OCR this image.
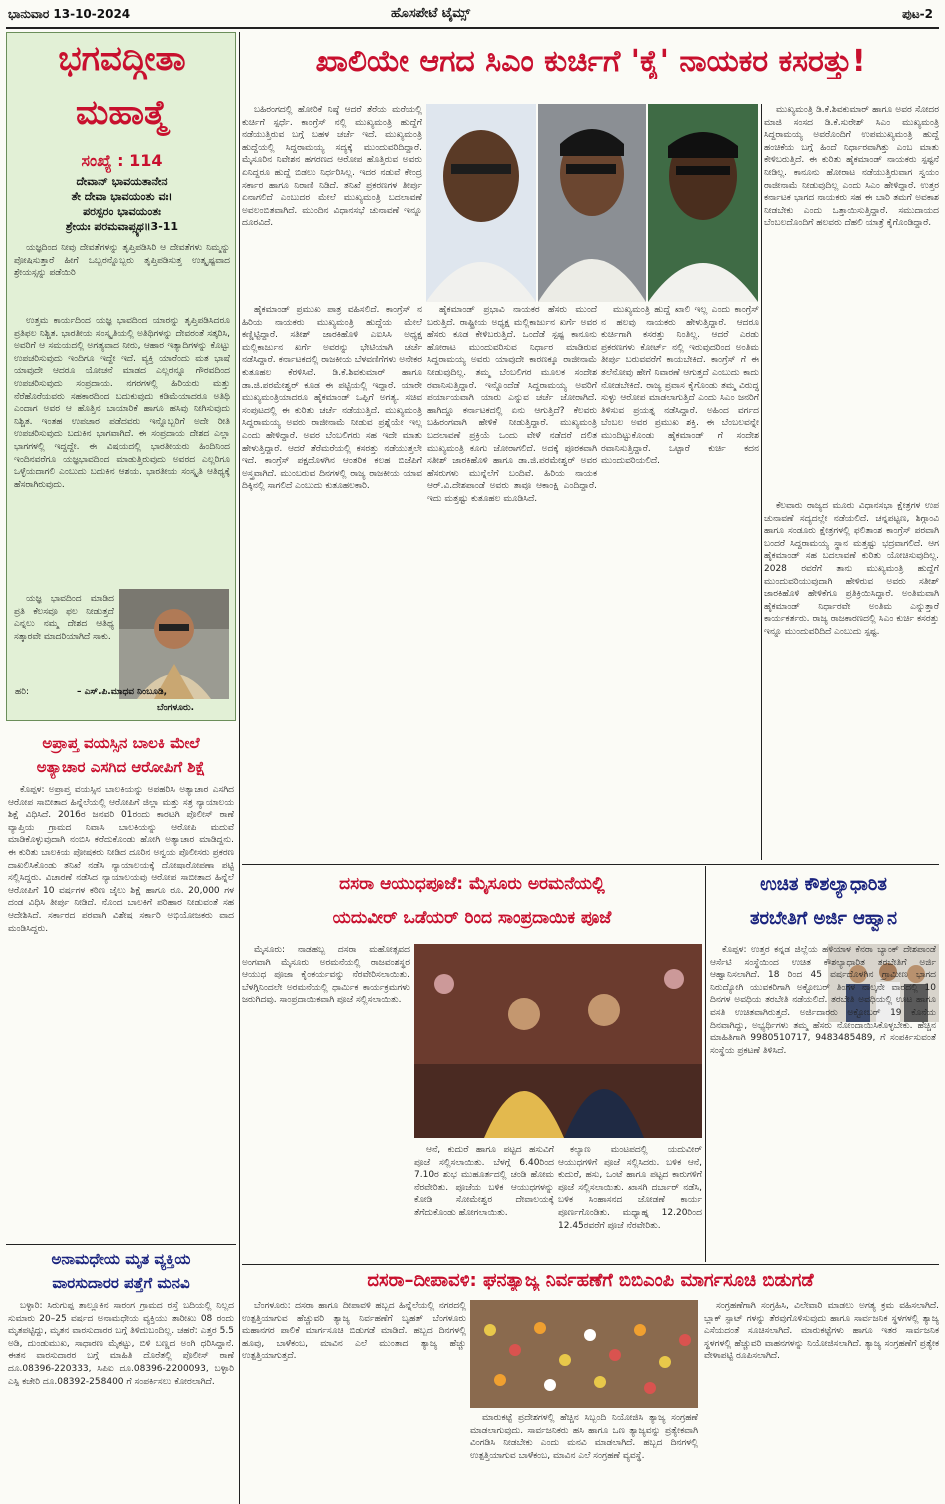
ಭಾನುವಾರ 13-10-2024	ಹೊಸಪೇಟೆ ಟೈಮ್ಸ್	ಪುಟ-2
ಭಗವದ್ಗೀತಾ
ಮಹಾತ್ಮೆ
ಸಂಖ್ಯೆ : 114
ದೇವಾನ್ ಭಾವಯತಾನೇನ
ತೇ ದೇವಾ ಭಾವಯಂತು ವಃ।
ಪರಸ್ಪರಂ ಭಾವಯಂತಃ
ಶ್ರೇಯಃ ಪರಮವಾಪ್ಸ್ಯಥ॥3-11

ಯಜ್ಞದಿಂದ ನೀವು ದೇವತೆಗಳನ್ನು ತೃಪ್ತಿಪಡಿಸಿರಿ ಆ ದೇವತೆಗಳು ನಿಮ್ಮನ್ನು ಪೋಷಿಸುತ್ತಾರೆ ಹೀಗೆ ಒಬ್ಬರನ್ನೊಬ್ಬರು ತೃಪ್ತಿಪಡಿಸುತ್ತ ಉತ್ಕೃಷ್ಟವಾದ ಶ್ರೇಯಸ್ಸನ್ನು ಪಡೆಯಿರಿ

ಉತ್ತಮ ಕಾರ್ಯದಿಂದ ಯಜ್ಞ ಭಾವದಿಂದ ಯಾರನ್ನು ತೃಪ್ತಿಪಡಿಸಿದರೂ ಪ್ರತಿಫಲ ನಿಶ್ಚಿತ. ಭಾರತೀಯ ಸಂಸ್ಕೃತಿಯಲ್ಲಿ ಅತಿಥಿಗಳನ್ನು ದೇವರಂತೆ ಸತ್ಕರಿಸಿ, ಅವರಿಗೆ ಆ ಸಮಯದಲ್ಲಿ ಅಗತ್ಯವಾದ ನೀರು, ಆಹಾರ ಇತ್ಯಾದಿಗಳನ್ನು ಕೊಟ್ಟು ಉಪಚರಿಸುವುದು ಇಂದಿಗೂ ಇದ್ದೇ ಇದೆ. ವ್ಯಕ್ತಿ ಯಾರೆಂದು ಮತ ಭಾಷೆ ಯಾವುದೇ ಆದರೂ ಯೋಚನೆ ಮಾಡದ ಎಲ್ಲರನ್ನೂ ಗೌರವದಿಂದ ಉಪಚರಿಸುವುದು ಸಂಪ್ರದಾಯ. ನಗರಗಳಲ್ಲಿ ಹಿರಿಯರು ಮತ್ತು ನೆರೆಹೊರೆಯವರು ಸಹಕಾರದಿಂದ ಬದುಕುವುದು ಕಡಿಮೆಯಾದರೂ ಅತಿಥಿ ಎಂದಾಗ ಅವರ ಆ ಹೊತ್ತಿನ ಬಾಯಾರಿಕೆ ಹಾಗೂ ಹಸಿವು ನೀಗಿಸುವುದು ನಿಶ್ಚಿತ. ಇಂತಹ ಉಪಚಾರ ಪಡೆದವರು ಇನ್ನೊಬ್ಬರಿಗೆ ಅದೇ ರೀತಿ ಉಪಚರಿಸುವುದು ಬದುಕಿನ ಭಾಗವಾಗಿದೆ. ಈ ಸಂಪ್ರದಾಯ ದೇಶದ ಎಲ್ಲಾ ಭಾಗಗಳಲ್ಲಿ ಇದ್ದದ್ದೇ. ಈ ವಿಷಯದಲ್ಲಿ ಭಾರತೀಯರು ಹಿಂದಿನಿಂದ ಇಂದಿನವರೆಗೂ ಯಜ್ಞಭಾವದಿಂದ ಮಾಡುತ್ತಿರುವುದು ಅವರದ ಎಲ್ಲರಿಗೂ ಒಳ್ಳೆಯದಾಗಲಿ ಎಂಬುದು ಬದುಕಿನ ಆಶಯ. ಭಾರತೀಯ ಸಂಸ್ಕೃತಿ ಆತಿಥ್ಯಕ್ಕೆ ಹೆಸರಾಗಿರುವುದು.

ಯಜ್ಞ ಭಾವದಿಂದ ಮಾಡಿದ ಪ್ರತಿ ಕೆಲಸವೂ ಫಲ ನೀಡುತ್ತದೆ ಎನ್ನಲು ನಮ್ಮ ದೇಶದ ಆತಿಥ್ಯ ಸತ್ಕಾರವೇ ಮಾದರಿಯಾಗಿದೆ ಸಾಕು.

ಹರಿ:	– ಎಸ್.ಪಿ.ಮಾಧವ ನಿಂಬೂಡಿ,
ಬೆಂಗಳೂರು.
ಖಾಲಿಯೇ ಆಗದ ಸಿಎಂ ಕುರ್ಚಿಗೆ 'ಕೈ' ನಾಯಕರ ಕಸರತ್ತು!

ಬಹಿರಂಗದಲ್ಲಿ ಹೋರಿಕೆ ನಿಷ್ಠೆ ಆದರೆ ತೆರೆಯ ಮರೆಯಲ್ಲಿ ಕುರ್ಚಿಗೆ ಸ್ಪರ್ಧೆ. ಕಾಂಗ್ರೆಸ್ ನಲ್ಲಿ ಮುಖ್ಯಮಂತ್ರಿ ಹುದ್ದೆಗೆ ನಡೆಯುತ್ತಿರುವ ಬಗ್ಗೆ ಬಹಳ ಚರ್ಚೆ ಇದೆ. ಮುಖ್ಯಮಂತ್ರಿ ಹುದ್ದೆಯಲ್ಲಿ ಸಿದ್ದರಾಮಯ್ಯ ಸದ್ಯಕ್ಕೆ ಮುಂದುವರಿದಿದ್ದಾರೆ. ಮೈಸೂರಿನ ನಿವೇಶನ ಹಗರಣದ ಆರೋಪ ಹೊತ್ತಿರುವ ಅವರು ಏನಿದ್ದರೂ ಹುದ್ದೆ ಬಿಡಲು ನಿರ್ಧರಿಸಿಲ್ಲ. ಇದರ ನಡುವೆ ಕೇಂದ್ರ ಸರ್ಕಾರ ಹಾಗೂ ನಿರಾಣಿ ನಿಡಿದೆ. ತನಿಖೆ ಪ್ರಕರಣಗಳ ತೀರ್ಪು ಏನಾಗಲಿದೆ ಎಂಬುದರ ಮೇಲೆ ಮುಖ್ಯಮಂತ್ರಿ ಬದಲಾವಣೆ ಅವಲಂಬಿತವಾಗಿದೆ. ಮುಂದಿನ ವಿಧಾನಸಭೆ ಚುನಾವಣೆ ಇನ್ನೂ ದೂರವಿದೆ.

ಹೈಕಮಾಂಡ್ ಪ್ರಮುಖ ಪಾತ್ರ ವಹಿಸಲಿದೆ. ಕಾಂಗ್ರೆಸ್ ನ ಹಿರಿಯ ನಾಯಕರು ಮುಖ್ಯಮಂತ್ರಿ ಹುದ್ದೆಯ ಮೇಲೆ ಕಣ್ಣಿಟ್ಟಿದ್ದಾರೆ. ಸತೀಶ್ ಜಾರಕಿಹೊಳಿ ಎಐಸಿಸಿ ಅಧ್ಯಕ್ಷ ಮಲ್ಲಿಕಾರ್ಜುನ ಖರ್ಗೆ ಅವರನ್ನು ಭೇಟಿಯಾಗಿ ಚರ್ಚೆ ನಡೆಸಿದ್ದಾರೆ. ಕರ್ನಾಟಕದಲ್ಲಿ ರಾಜಕೀಯ ಬೆಳವಣಿಗೆಗಳು ಅನೇಕರ ಕುತೂಹಲ ಕೆರಳಿಸಿವೆ. ಡಿ.ಕೆ.ಶಿವಕುಮಾರ್ ಹಾಗೂ ಡಾ.ಜಿ.ಪರಮೇಶ್ವರ್ ಕೂಡ ಈ ಪಟ್ಟಿಯಲ್ಲಿ ಇದ್ದಾರೆ. ಯಾರೇ ಮುಖ್ಯಮಂತ್ರಿಯಾದರೂ ಹೈಕಮಾಂಡ್ ಒಪ್ಪಿಗೆ ಅಗತ್ಯ. ಸಚಿವ ಸಂಪುಟದಲ್ಲಿ ಈ ಕುರಿತು ಚರ್ಚೆ ನಡೆಯುತ್ತಿದೆ. ಮುಖ್ಯಮಂತ್ರಿ ಸಿದ್ದರಾಮಯ್ಯ ಅವರು ರಾಜೀನಾಮೆ ನೀಡುವ ಪ್ರಶ್ನೆಯೇ ಇಲ್ಲ ಎಂದು ಹೇಳಿದ್ದಾರೆ. ಅವರ ಬೆಂಬಲಿಗರು ಸಹ ಇದೇ ಮಾತು ಹೇಳುತ್ತಿದ್ದಾರೆ. ಆದರೆ ತೆರೆಮರೆಯಲ್ಲಿ ಕಸರತ್ತು ನಡೆಯುತ್ತಲೇ ಇದೆ. ಕಾಂಗ್ರೆಸ್ ಪಕ್ಷದೊಳಗಿನ ಆಂತರಿಕ ಕಲಹ ಬಿಜೆಪಿಗೆ ಅಸ್ತ್ರವಾಗಿದೆ. ಮುಂಬರುವ ದಿನಗಳಲ್ಲಿ ರಾಜ್ಯ ರಾಜಕೀಯ ಯಾವ ದಿಕ್ಕಿನಲ್ಲಿ ಸಾಗಲಿದೆ ಎಂಬುದು ಕುತೂಹಲಕಾರಿ.

ಹೈಕಮಾಂಡ್ ಪ್ರಭಾವಿ ನಾಯಕರ ಹೆಸರು ಮುಂದೆ ಬರುತ್ತಿದೆ. ರಾಷ್ಟ್ರೀಯ ಅಧ್ಯಕ್ಷ ಮಲ್ಲಿಕಾರ್ಜುನ ಖರ್ಗೆ ಅವರ ಹೆಸರು ಕೂಡ ಕೇಳಿಬರುತ್ತಿದೆ. ಒಂದೆಡೆ ಸ್ಪಷ್ಟ ಕಾನೂನು ಹೋರಾಟ ಮುಂದುವರಿಸುವ ನಿರ್ಧಾರ ಮಾಡಿರುವ ಸಿದ್ದರಾಮಯ್ಯ ಅವರು ಯಾವುದೇ ಕಾರಣಕ್ಕೂ ರಾಜೀನಾಮೆ ನೀಡುವುದಿಲ್ಲ. ತಮ್ಮ ಬೆಂಬಲಿಗರ ಮೂಲಕ ಸಂದೇಶ ರವಾನಿಸುತ್ತಿದ್ದಾರೆ. ಇನ್ನೊಂದೆಡೆ ಸಿದ್ದರಾಮಯ್ಯ ಅವರಿಗೆ ಪರ್ಯಾಯವಾಗಿ ಯಾರು ಎನ್ನುವ ಚರ್ಚೆ ಜೋರಾಗಿದೆ. ಹಾಗಿದ್ದೂ ಕರ್ನಾಟಕದಲ್ಲಿ ಏನು ಆಗುತ್ತಿದೆ? ಕೆಲವರು ಬಹಿರಂಗವಾಗಿ ಹೇಳಿಕೆ ನೀಡುತ್ತಿದ್ದಾರೆ. ಮುಖ್ಯಮಂತ್ರಿ ಬದಲಾವಣೆ ಪ್ರಕ್ರಿಯೆ ಒಂದು ವೇಳೆ ನಡೆದರೆ ದಲಿತ ಮುಖ್ಯಮಂತ್ರಿ ಕೂಗು ಜೋರಾಗಲಿದೆ. ಅದಕ್ಕೆ ಪೂರಕವಾಗಿ ಸತೀಶ್ ಜಾರಕಿಹೊಳಿ ಹಾಗೂ ಡಾ.ಜಿ.ಪರಮೇಶ್ವರ್ ಅವರ ಹೆಸರುಗಳು ಮುನ್ನೆಲೆಗೆ ಬಂದಿವೆ. ಹಿರಿಯ ನಾಯಕ ಆರ್.ವಿ.ದೇಶಪಾಂಡೆ ಅವರು ತಾವೂ ಆಕಾಂಕ್ಷಿ ಎಂದಿದ್ದಾರೆ. ಇದು ಮತ್ತಷ್ಟು ಕುತೂಹಲ ಮೂಡಿಸಿದೆ.

ಮುಖ್ಯಮಂತ್ರಿ ಹುದ್ದೆ ಖಾಲಿ ಇಲ್ಲ ಎಂದು ಕಾಂಗ್ರೆಸ್ ನ ಹಲವು ನಾಯಕರು ಹೇಳುತ್ತಿದ್ದಾರೆ. ಆದರೂ ಕುರ್ಚಿಗಾಗಿ ಕಸರತ್ತು ನಿಂತಿಲ್ಲ. ಆದರೆ ಎರಡು ಪ್ರಕರಣಗಳು ಕೋರ್ಟ್ ನಲ್ಲಿ ಇರುವುದರಿಂದ ಅಂತಿಮ ತೀರ್ಪು ಬರುವವರೆಗೆ ಕಾಯಬೇಕಿದೆ. ಕಾಂಗ್ರೆಸ್ ಗೆ ಈ ತಲೆನೋವು ಹೇಗೆ ನಿವಾರಣೆ ಆಗುತ್ತದೆ ಎಂಬುದು ಕಾದು ನೋಡಬೇಕಿದೆ. ರಾಜ್ಯ ಪ್ರವಾಸ ಕೈಗೊಂಡು ತಮ್ಮ ವಿರುದ್ಧ ಸುಳ್ಳು ಆರೋಪ ಮಾಡಲಾಗುತ್ತಿದೆ ಎಂದು ಸಿಎಂ ಜನರಿಗೆ ತಿಳಿಸುವ ಪ್ರಯತ್ನ ನಡೆಸಿದ್ದಾರೆ. ಅಹಿಂದ ವರ್ಗದ ಬೆಂಬಲ ಅವರ ಪ್ರಮುಖ ಶಕ್ತಿ. ಈ ಬೆಂಬಲವನ್ನೇ ಮುಂದಿಟ್ಟುಕೊಂಡು ಹೈಕಮಾಂಡ್ ಗೆ ಸಂದೇಶ ರವಾನಿಸುತ್ತಿದ್ದಾರೆ. ಒಟ್ಟಾರೆ ಕುರ್ಚಿ ಕದನ ಮುಂದುವರಿಯಲಿದೆ.

ಮುಖ್ಯಮಂತ್ರಿ ಡಿ.ಕೆ.ಶಿವಕುಮಾರ್ ಹಾಗೂ ಅವರ ಸೋದರ ಮಾಜಿ ಸಂಸದ ಡಿ.ಕೆ.ಸುರೇಶ್ ಸಿಎಂ ಮುಖ್ಯಮಂತ್ರಿ ಸಿದ್ದರಾಮಯ್ಯ ಅವರೊಂದಿಗೆ ಉಪಮುಖ್ಯಮಂತ್ರಿ ಹುದ್ದೆ ಹಂಚಿಕೆಯ ಬಗ್ಗೆ ಹಿಂದೆ ನಿರ್ಧಾರವಾಗಿತ್ತು ಎಂಬ ಮಾತು ಕೇಳಿಬರುತ್ತಿದೆ. ಈ ಕುರಿತು ಹೈಕಮಾಂಡ್ ನಾಯಕರು ಸ್ಪಷ್ಟನೆ ನೀಡಿಲ್ಲ. ಕಾನೂನು ಹೋರಾಟ ನಡೆಯುತ್ತಿರುವಾಗ ಸ್ವಯಂ ರಾಜೀನಾಮೆ ನೀಡುವುದಿಲ್ಲ ಎಂದು ಸಿಎಂ ಹೇಳಿದ್ದಾರೆ. ಉತ್ತರ ಕರ್ನಾಟಕ ಭಾಗದ ನಾಯಕರು ಸಹ ಈ ಬಾರಿ ತಮಗೆ ಅವಕಾಶ ನೀಡಬೇಕು ಎಂದು ಒತ್ತಾಯಿಸುತ್ತಿದ್ದಾರೆ. ಸಮುದಾಯದ ಬೆಂಬಲದೊಂದಿಗೆ ಹಲವರು ದೆಹಲಿ ಯಾತ್ರೆ ಕೈಗೊಂಡಿದ್ದಾರೆ.

ಕೆಲವಾರು ರಾಜ್ಯದ ಮೂರು ವಿಧಾನಸಭಾ ಕ್ಷೇತ್ರಗಳ ಉಪ ಚುನಾವಣೆ ಸದ್ಯದಲ್ಲೇ ನಡೆಯಲಿದೆ. ಚನ್ನಪಟ್ಟಣ, ಶಿಗ್ಗಾಂವಿ ಹಾಗೂ ಸಂಡೂರು ಕ್ಷೇತ್ರಗಳಲ್ಲಿ ಫಲಿತಾಂಶ ಕಾಂಗ್ರೆಸ್ ಪರವಾಗಿ ಬಂದರೆ ಸಿದ್ದರಾಮಯ್ಯ ಸ್ಥಾನ ಮತ್ತಷ್ಟು ಭದ್ರವಾಗಲಿದೆ. ಆಗ ಹೈಕಮಾಂಡ್ ಸಹ ಬದಲಾವಣೆ ಕುರಿತು ಯೋಚಿಸುವುದಿಲ್ಲ. 2028 ರವರೆಗೆ ತಾನು ಮುಖ್ಯಮಂತ್ರಿ ಹುದ್ದೆಗೆ ಮುಂದುವರಿಯುವುದಾಗಿ ಹೇಳಿರುವ ಅವರು ಸತೀಶ್ ಜಾರಕಿಹೊಳಿ ಹೇಳಿಕೆಗೂ ಪ್ರತಿಕ್ರಿಯಿಸಿದ್ದಾರೆ. ಅಂತಿಮವಾಗಿ ಹೈಕಮಾಂಡ್ ನಿರ್ಧಾರವೇ ಅಂತಿಮ ಎನ್ನುತ್ತಾರೆ ಕಾರ್ಯಕರ್ತರು. ರಾಜ್ಯ ರಾಜಕಾರಣದಲ್ಲಿ ಸಿಎಂ ಕುರ್ಚಿ ಕಸರತ್ತು ಇನ್ನೂ ಮುಂದುವರಿದಿದೆ ಎಂಬುದು ಸ್ಪಷ್ಟ.

ಅಪ್ರಾಪ್ತ ವಯಸ್ಸಿನ ಬಾಲಕಿ ಮೇಲೆ
ಅತ್ಯಾಚಾರ ಎಸಗಿದ ಆರೋಪಿಗೆ ಶಿಕ್ಷೆ

ಕೊಪ್ಪಳ: ಅಪ್ರಾಪ್ತ ವಯಸ್ಸಿನ ಬಾಲಕಿಯನ್ನು ಅಪಹರಿಸಿ ಅತ್ಯಾಚಾರ ಎಸಗಿದ ಆರೋಪ ಸಾಬೀತಾದ ಹಿನ್ನೆಲೆಯಲ್ಲಿ ಆರೋಪಿಗೆ ಜಿಲ್ಲಾ ಮತ್ತು ಸತ್ರ ನ್ಯಾಯಾಲಯ ಶಿಕ್ಷೆ ವಿಧಿಸಿದೆ. 2016ರ ಜನವರಿ 01ರಂದು ಕಾರಟಗಿ ಪೊಲೀಸ್ ಠಾಣೆ ವ್ಯಾಪ್ತಿಯ ಗ್ರಾಮದ ನಿವಾಸಿ ಬಾಲಕಿಯನ್ನು ಆರೋಪಿ ಮದುವೆ ಮಾಡಿಕೊಳ್ಳುವುದಾಗಿ ನಂಬಿಸಿ ಕರೆದುಕೊಂಡು ಹೋಗಿ ಅತ್ಯಾಚಾರ ಮಾಡಿದ್ದನು. ಈ ಕುರಿತು ಬಾಲಕಿಯ ಪೋಷಕರು ನೀಡಿದ ದೂರಿನ ಅನ್ವಯ ಪೊಲೀಸರು ಪ್ರಕರಣ ದಾಖಲಿಸಿಕೊಂಡು ತನಿಖೆ ನಡೆಸಿ ನ್ಯಾಯಾಲಯಕ್ಕೆ ದೋಷಾರೋಪಣಾ ಪಟ್ಟಿ ಸಲ್ಲಿಸಿದ್ದರು. ವಿಚಾರಣೆ ನಡೆಸಿದ ನ್ಯಾಯಾಲಯವು ಆರೋಪ ಸಾಬೀತಾದ ಹಿನ್ನೆಲೆ ಆರೋಪಿಗೆ 10 ವರ್ಷಗಳ ಕಠಿಣ ಜೈಲು ಶಿಕ್ಷೆ ಹಾಗೂ ರೂ. 20,000 ಗಳ ದಂಡ ವಿಧಿಸಿ ತೀರ್ಪು ನೀಡಿದೆ. ನೊಂದ ಬಾಲಕಿಗೆ ಪರಿಹಾರ ನೀಡುವಂತೆ ಸಹ ಆದೇಶಿಸಿದೆ. ಸರ್ಕಾರದ ಪರವಾಗಿ ವಿಶೇಷ ಸರ್ಕಾರಿ ಅಭಿಯೋಜಕರು ವಾದ ಮಂಡಿಸಿದ್ದರು.

ಅನಾಮಧೇಯ ಮೃತ ವ್ಯಕ್ತಿಯ
ವಾರಸುದಾರರ ಪತ್ತೆಗೆ ಮನವಿ

ಬಳ್ಳಾರಿ: ಸಿರುಗುಪ್ಪ ತಾಲ್ಲೂಕಿನ ಸಾರಂಗ ಗ್ರಾಮದ ರಸ್ತೆ ಬದಿಯಲ್ಲಿ ನಿಲ್ಲದ ಸುಮಾರು 20–25 ವರ್ಷದ ಅನಾಮಧೇಯ ವ್ಯಕ್ತಿಯು ತಾರೀಖು 08 ರಂದು ಮೃತಪಟ್ಟಿದ್ದು, ಮೃತನ ವಾರಸುದಾರರ ಬಗ್ಗೆ ತಿಳಿದುಬಂದಿಲ್ಲ. ಚಹರೆ: ಎತ್ತರ 5.5 ಅಡಿ, ದುಂಡುಮುಖ, ಸಾಧಾರಣ ಮೈಕಟ್ಟು, ಬಿಳಿ ಬಣ್ಣದ ಅಂಗಿ ಧರಿಸಿದ್ದಾನೆ. ಈತನ ವಾರಸುದಾರರ ಬಗ್ಗೆ ಮಾಹಿತಿ ದೊರೆತಲ್ಲಿ ಪೊಲೀಸ್ ಠಾಣೆ ದೂ.08396-220333, ಸಿಪಿಐ ದೂ.08396-2200093, ಬಳ್ಳಾರಿ ಎಸ್ಪಿ ಕಚೇರಿ ದೂ.08392-258400 ಗೆ ಸಂಪರ್ಕಿಸಲು ಕೋರಲಾಗಿದೆ.

ದಸರಾ ಆಯುಧಪೂಜೆ: ಮೈಸೂರು ಅರಮನೆಯಲ್ಲಿ
ಯದುವೀರ್ ಒಡೆಯರ್ ರಿಂದ ಸಾಂಪ್ರದಾಯಿಕ ಪೂಜೆ

ಮೈಸೂರು: ನಾಡಹಬ್ಬ ದಸರಾ ಮಹೋತ್ಸವದ ಅಂಗವಾಗಿ ಮೈಸೂರು ಅರಮನೆಯಲ್ಲಿ ರಾಜವಂಶಸ್ಥರ ಆಯುಧ ಪೂಜಾ ಕೈಂಕರ್ಯವನ್ನು ನೆರವೇರಿಸಲಾಯಿತು. ಬೆಳಗ್ಗಿನಿಂದಲೇ ಅರಮನೆಯಲ್ಲಿ ಧಾರ್ಮಿಕ ಕಾರ್ಯಕ್ರಮಗಳು ಜರುಗಿದವು. ಸಾಂಪ್ರದಾಯಿಕವಾಗಿ ಪೂಜೆ ಸಲ್ಲಿಸಲಾಯಿತು.

ಆನೆ, ಕುದುರೆ ಹಾಗೂ ಪಟ್ಟದ ಹಸುವಿಗೆ ಪೂಜೆ ಸಲ್ಲಿಸಲಾಯಿತು. ಬೆಳಗ್ಗೆ 6.40ರಿಂದ 7.10ರ ಶುಭ ಮುಹೂರ್ತದಲ್ಲಿ ಚಂಡಿ ಹೋಮ ನೆರವೇರಿತು. ಪೂಜೆಯ ಬಳಿಕ ಆಯುಧಗಳನ್ನು ಕೋಡಿ ಸೋಮೇಶ್ವರ ದೇವಾಲಯಕ್ಕೆ ತೆಗೆದುಕೊಂಡು ಹೋಗಲಾಯಿತು.

ಕಲ್ಯಾಣ ಮಂಟಪದಲ್ಲಿ ಯದುವೀರ್ ಆಯುಧಗಳಿಗೆ ಪೂಜೆ ಸಲ್ಲಿಸಿದರು. ಬಳಿಕ ಆನೆ, ಕುದುರೆ, ಹಸು, ಒಂಟೆ ಹಾಗೂ ಪಟ್ಟದ ಕಾರುಗಳಿಗೆ ಪೂಜೆ ಸಲ್ಲಿಸಲಾಯಿತು. ಖಾಸಗಿ ದರ್ಬಾರ್ ನಡೆಸಿ, ಬಳಿಕ ಸಿಂಹಾಸನದ ಜೋಡಣೆ ಕಾರ್ಯ ಪೂರ್ಣಗೊಂಡಿತು. ಮಧ್ಯಾಹ್ನ 12.20ರಿಂದ 12.45ರವರೆಗೆ ಪೂಜೆ ನೆರವೇರಿತು.

ಉಚಿತ ಕೌಶಲ್ಯಾಧಾರಿತ
ತರಬೇತಿಗೆ ಅರ್ಜಿ ಆಹ್ವಾನ

ಕೊಪ್ಪಳ: ಉತ್ತರ ಕನ್ನಡ ಜಿಲ್ಲೆಯ ಹಳಿಯಾಳ ಕೆನರಾ ಬ್ಯಾಂಕ್ ದೇಶಪಾಂಡೆ ಆರ್ಸೆಟಿ ಸಂಸ್ಥೆಯಿಂದ ಉಚಿತ ಕೌಶಲ್ಯಾಧಾರಿತ ತರಬೇತಿಗೆ ಅರ್ಜಿ ಆಹ್ವಾನಿಸಲಾಗಿದೆ. 18 ರಿಂದ 45 ವರ್ಷದೊಳಗಿನ ಗ್ರಾಮೀಣ ಭಾಗದ ನಿರುದ್ಯೋಗಿ ಯುವಕರಿಗಾಗಿ ಅಕ್ಟೋಬರ್ ತಿಂಗಳ ನಾಲ್ಕನೇ ವಾರದಲ್ಲಿ 10 ದಿನಗಳ ಅವಧಿಯ ತರಬೇತಿ ನಡೆಯಲಿದೆ. ತರಬೇತಿ ಅವಧಿಯಲ್ಲಿ ಊಟ ಹಾಗೂ ವಸತಿ ಉಚಿತವಾಗಿರುತ್ತದೆ. ಅರ್ಜಿದಾರರು ಅಕ್ಟೋಬರ್ 19 ಕೊನೆಯ ದಿನವಾಗಿದ್ದು, ಅಭ್ಯರ್ಥಿಗಳು ತಮ್ಮ ಹೆಸರು ನೋಂದಾಯಿಸಿಕೊಳ್ಳಬೇಕು. ಹೆಚ್ಚಿನ ಮಾಹಿತಿಗಾಗಿ 9980510717, 9483485489, ಗೆ ಸಂಪರ್ಕಿಸುವಂತೆ ಸಂಸ್ಥೆಯ ಪ್ರಕಟಣೆ ತಿಳಿಸಿದೆ.

ದಸರಾ–ದೀಪಾವಳಿ: ಘನತ್ಯಾಜ್ಯ ನಿರ್ವಹಣೆಗೆ ಬಿಬಿಎಂಪಿ ಮಾರ್ಗಸೂಚಿ ಬಿಡುಗಡೆ

ಬೆಂಗಳೂರು: ದಸರಾ ಹಾಗೂ ದೀಪಾವಳಿ ಹಬ್ಬದ ಹಿನ್ನೆಲೆಯಲ್ಲಿ ನಗರದಲ್ಲಿ ಉತ್ಪತ್ತಿಯಾಗುವ ಹೆಚ್ಚುವರಿ ತ್ಯಾಜ್ಯ ನಿರ್ವಹಣೆಗೆ ಬೃಹತ್ ಬೆಂಗಳೂರು ಮಹಾನಗರ ಪಾಲಿಕೆ ಮಾರ್ಗಸೂಚಿ ಬಿಡುಗಡೆ ಮಾಡಿದೆ. ಹಬ್ಬದ ದಿನಗಳಲ್ಲಿ ಹೂವು, ಬಾಳೆಕಂಬ, ಮಾವಿನ ಎಲೆ ಮುಂತಾದ ತ್ಯಾಜ್ಯ ಹೆಚ್ಚು ಉತ್ಪತ್ತಿಯಾಗುತ್ತದೆ.

ಮಾರುಕಟ್ಟೆ ಪ್ರದೇಶಗಳಲ್ಲಿ ಹೆಚ್ಚಿನ ಸಿಬ್ಬಂದಿ ನಿಯೋಜಿಸಿ ತ್ಯಾಜ್ಯ ಸಂಗ್ರಹಣೆ ಮಾಡಲಾಗುವುದು. ಸಾರ್ವಜನಿಕರು ಹಸಿ ಹಾಗೂ ಒಣ ತ್ಯಾಜ್ಯವನ್ನು ಪ್ರತ್ಯೇಕವಾಗಿ ವಿಂಗಡಿಸಿ ನೀಡಬೇಕು ಎಂದು ಮನವಿ ಮಾಡಲಾಗಿದೆ. ಹಬ್ಬದ ದಿನಗಳಲ್ಲಿ ಉತ್ಪತ್ತಿಯಾಗುವ ಬಾಳೆಕಂಬ, ಮಾವಿನ ಎಲೆ ಸಂಗ್ರಹಣೆ ವ್ಯವಸ್ಥೆ.

ಸಂಗ್ರಹಣೆಗಾಗಿ ಸಂಗ್ರಹಿಸಿ, ವಿಲೇವಾರಿ ಮಾಡಲು ಅಗತ್ಯ ಕ್ರಮ ವಹಿಸಲಾಗಿದೆ. ಬ್ಲಾಕ್ ಸ್ಪಾಟ್ ಗಳನ್ನು ತೆರವುಗೊಳಿಸುವುದು ಹಾಗೂ ಸಾರ್ವಜನಿಕ ಸ್ಥಳಗಳಲ್ಲಿ ತ್ಯಾಜ್ಯ ಎಸೆಯದಂತೆ ಸೂಚಿಸಲಾಗಿದೆ. ಮಾರುಕಟ್ಟೆಗಳು ಹಾಗೂ ಇತರ ಸಾರ್ವಜನಿಕ ಸ್ಥಳಗಳಲ್ಲಿ ಹೆಚ್ಚುವರಿ ವಾಹನಗಳನ್ನು ನಿಯೋಜಿಸಲಾಗಿದೆ. ತ್ಯಾಜ್ಯ ಸಂಗ್ರಹಣೆಗೆ ಪ್ರತ್ಯೇಕ ವೇಳಾಪಟ್ಟಿ ರೂಪಿಸಲಾಗಿದೆ.
